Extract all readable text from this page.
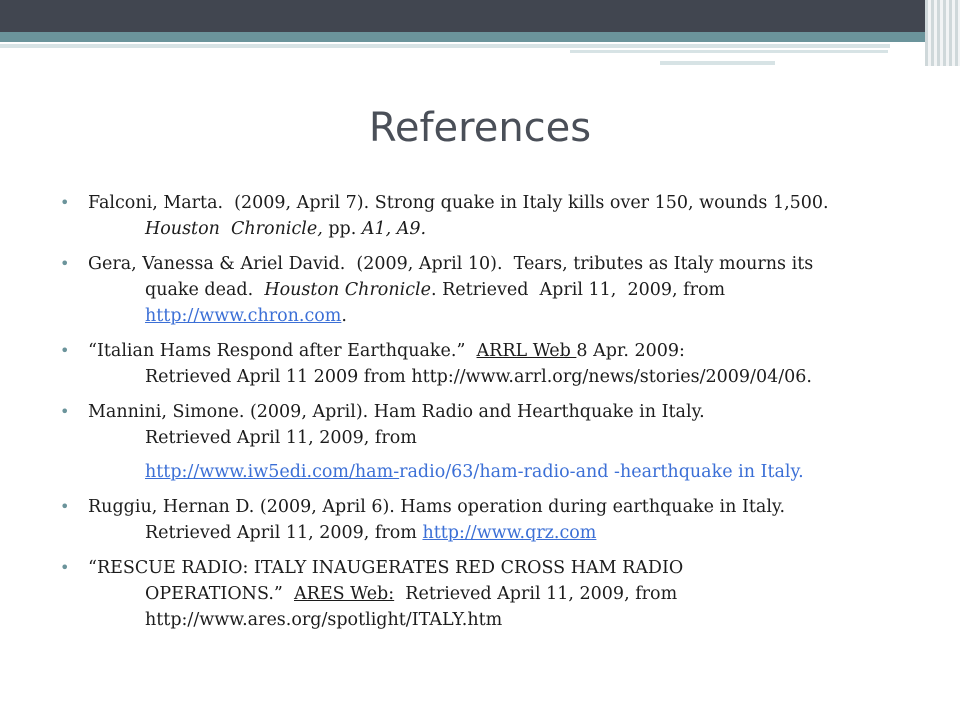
References
• Falconi, Marta.  (2009, April 7). Strong quake in Italy kills over 150, wounds 1,500.
Houston  Chronicle, pp. A1, A9.
• Gera, Vanessa & Ariel David.  (2009, April 10).  Tears, tributes as Italy mourns its
quake dead.  Houston Chronicle. Retrieved  April 11,  2009, from
http://www.chron.com.
• “Italian Hams Respond after Earthquake.”  ARRL Web 8 Apr. 2009:
Retrieved April 11 2009 from http://www.arrl.org/news/stories/2009/04/06.
• Mannini, Simone. (2009, April). Ham Radio and Hearthquake in Italy.
Retrieved April 11, 2009, from
http://www.iw5edi.com/ham-radio/63/ham-radio-and -hearthquake in Italy.
• Ruggiu, Hernan D. (2009, April 6). Hams operation during earthquake in Italy.
Retrieved April 11, 2009, from http://www.qrz.com
• “RESCUE RADIO: ITALY INAUGERATES RED CROSS HAM RADIO
OPERATIONS.”  ARES Web:  Retrieved April 11, 2009, from
http://www.ares.org/spotlight/ITALY.htm
